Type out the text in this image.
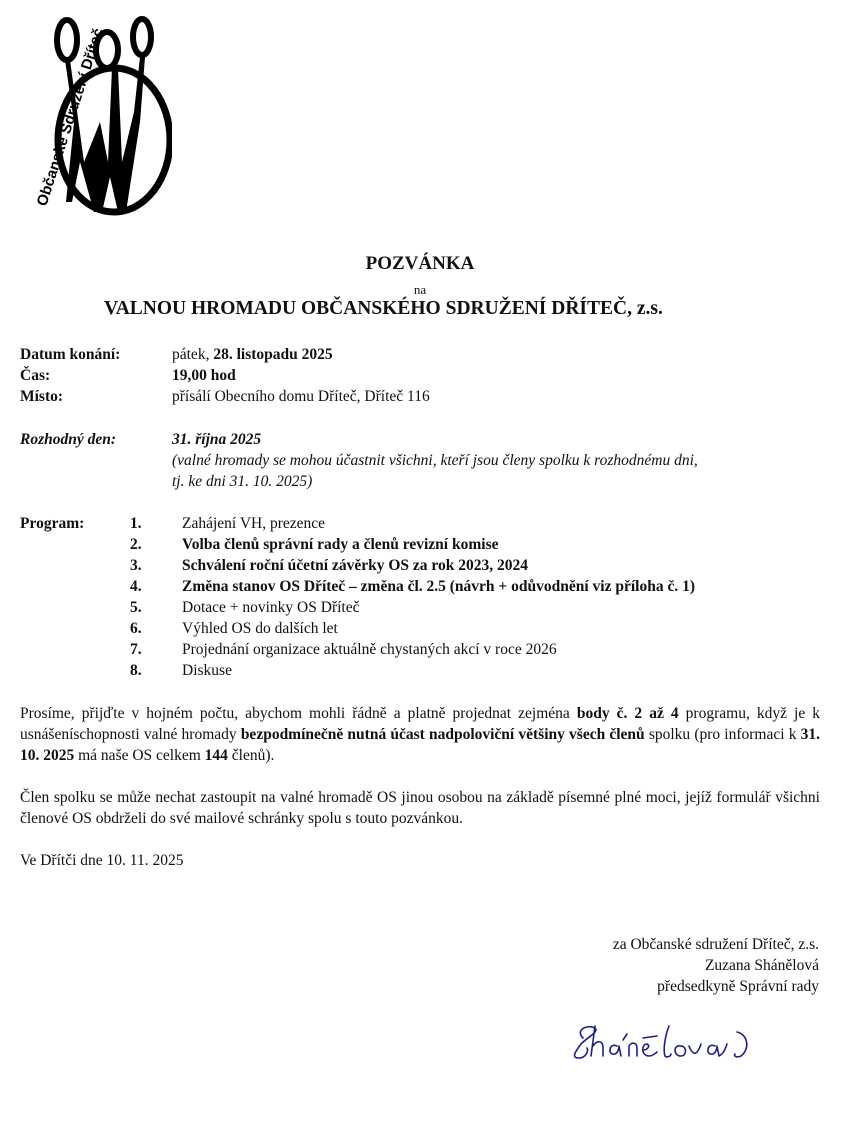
Občanské Sdružení Dříteč
POZVÁNKA
na
VALNOU HROMADU OBČANSKÉHO SDRUŽENÍ DŘÍTEČ, z.s.
Datum konání:	pátek, 28. listopadu 2025
Čas:	19,00 hod
Místo:	přísálí Obecního domu Dříteč, Dříteč 116
Rozhodný den:	31. října 2025
(valné hromady se mohou účastnit všichni, kteří jsou členy spolku k rozhodnému dni,
tj. ke dni 31. 10. 2025)
Program:	1.	Zahájení VH, prezence
2.	Volba členů správní rady a členů revizní komise
3.	Schválení roční účetní závěrky OS za rok 2023, 2024
4.	Změna stanov OS Dříteč – změna čl. 2.5 (návrh + odůvodnění viz příloha č. 1)
5.	Dotace + novinky OS Dříteč
6.	Výhled OS do dalších let
7.	Projednání organizace aktuálně chystaných akcí v roce 2026
8.	Diskuse
Prosíme, přijďte v hojném počtu, abychom mohli řádně a platně projednat zejména body č. 2 až 4 programu, když je k usnášeníschopnosti valné hromady bezpodmínečně nutná účast nadpoloviční většiny všech členů spolku (pro informaci k 31. 10. 2025 má naše OS celkem 144 členů).
Člen spolku se může nechat zastoupit na valné hromadě OS jinou osobou na základě písemné plné moci, jejíž formulář všichni členové OS obdrželi do své mailové schránky spolu s touto pozvánkou.
Ve Dřítči dne 10. 11. 2025
za Občanské sdružení Dříteč, z.s.
Zuzana Shánělová
předsedkyně Správní rady
